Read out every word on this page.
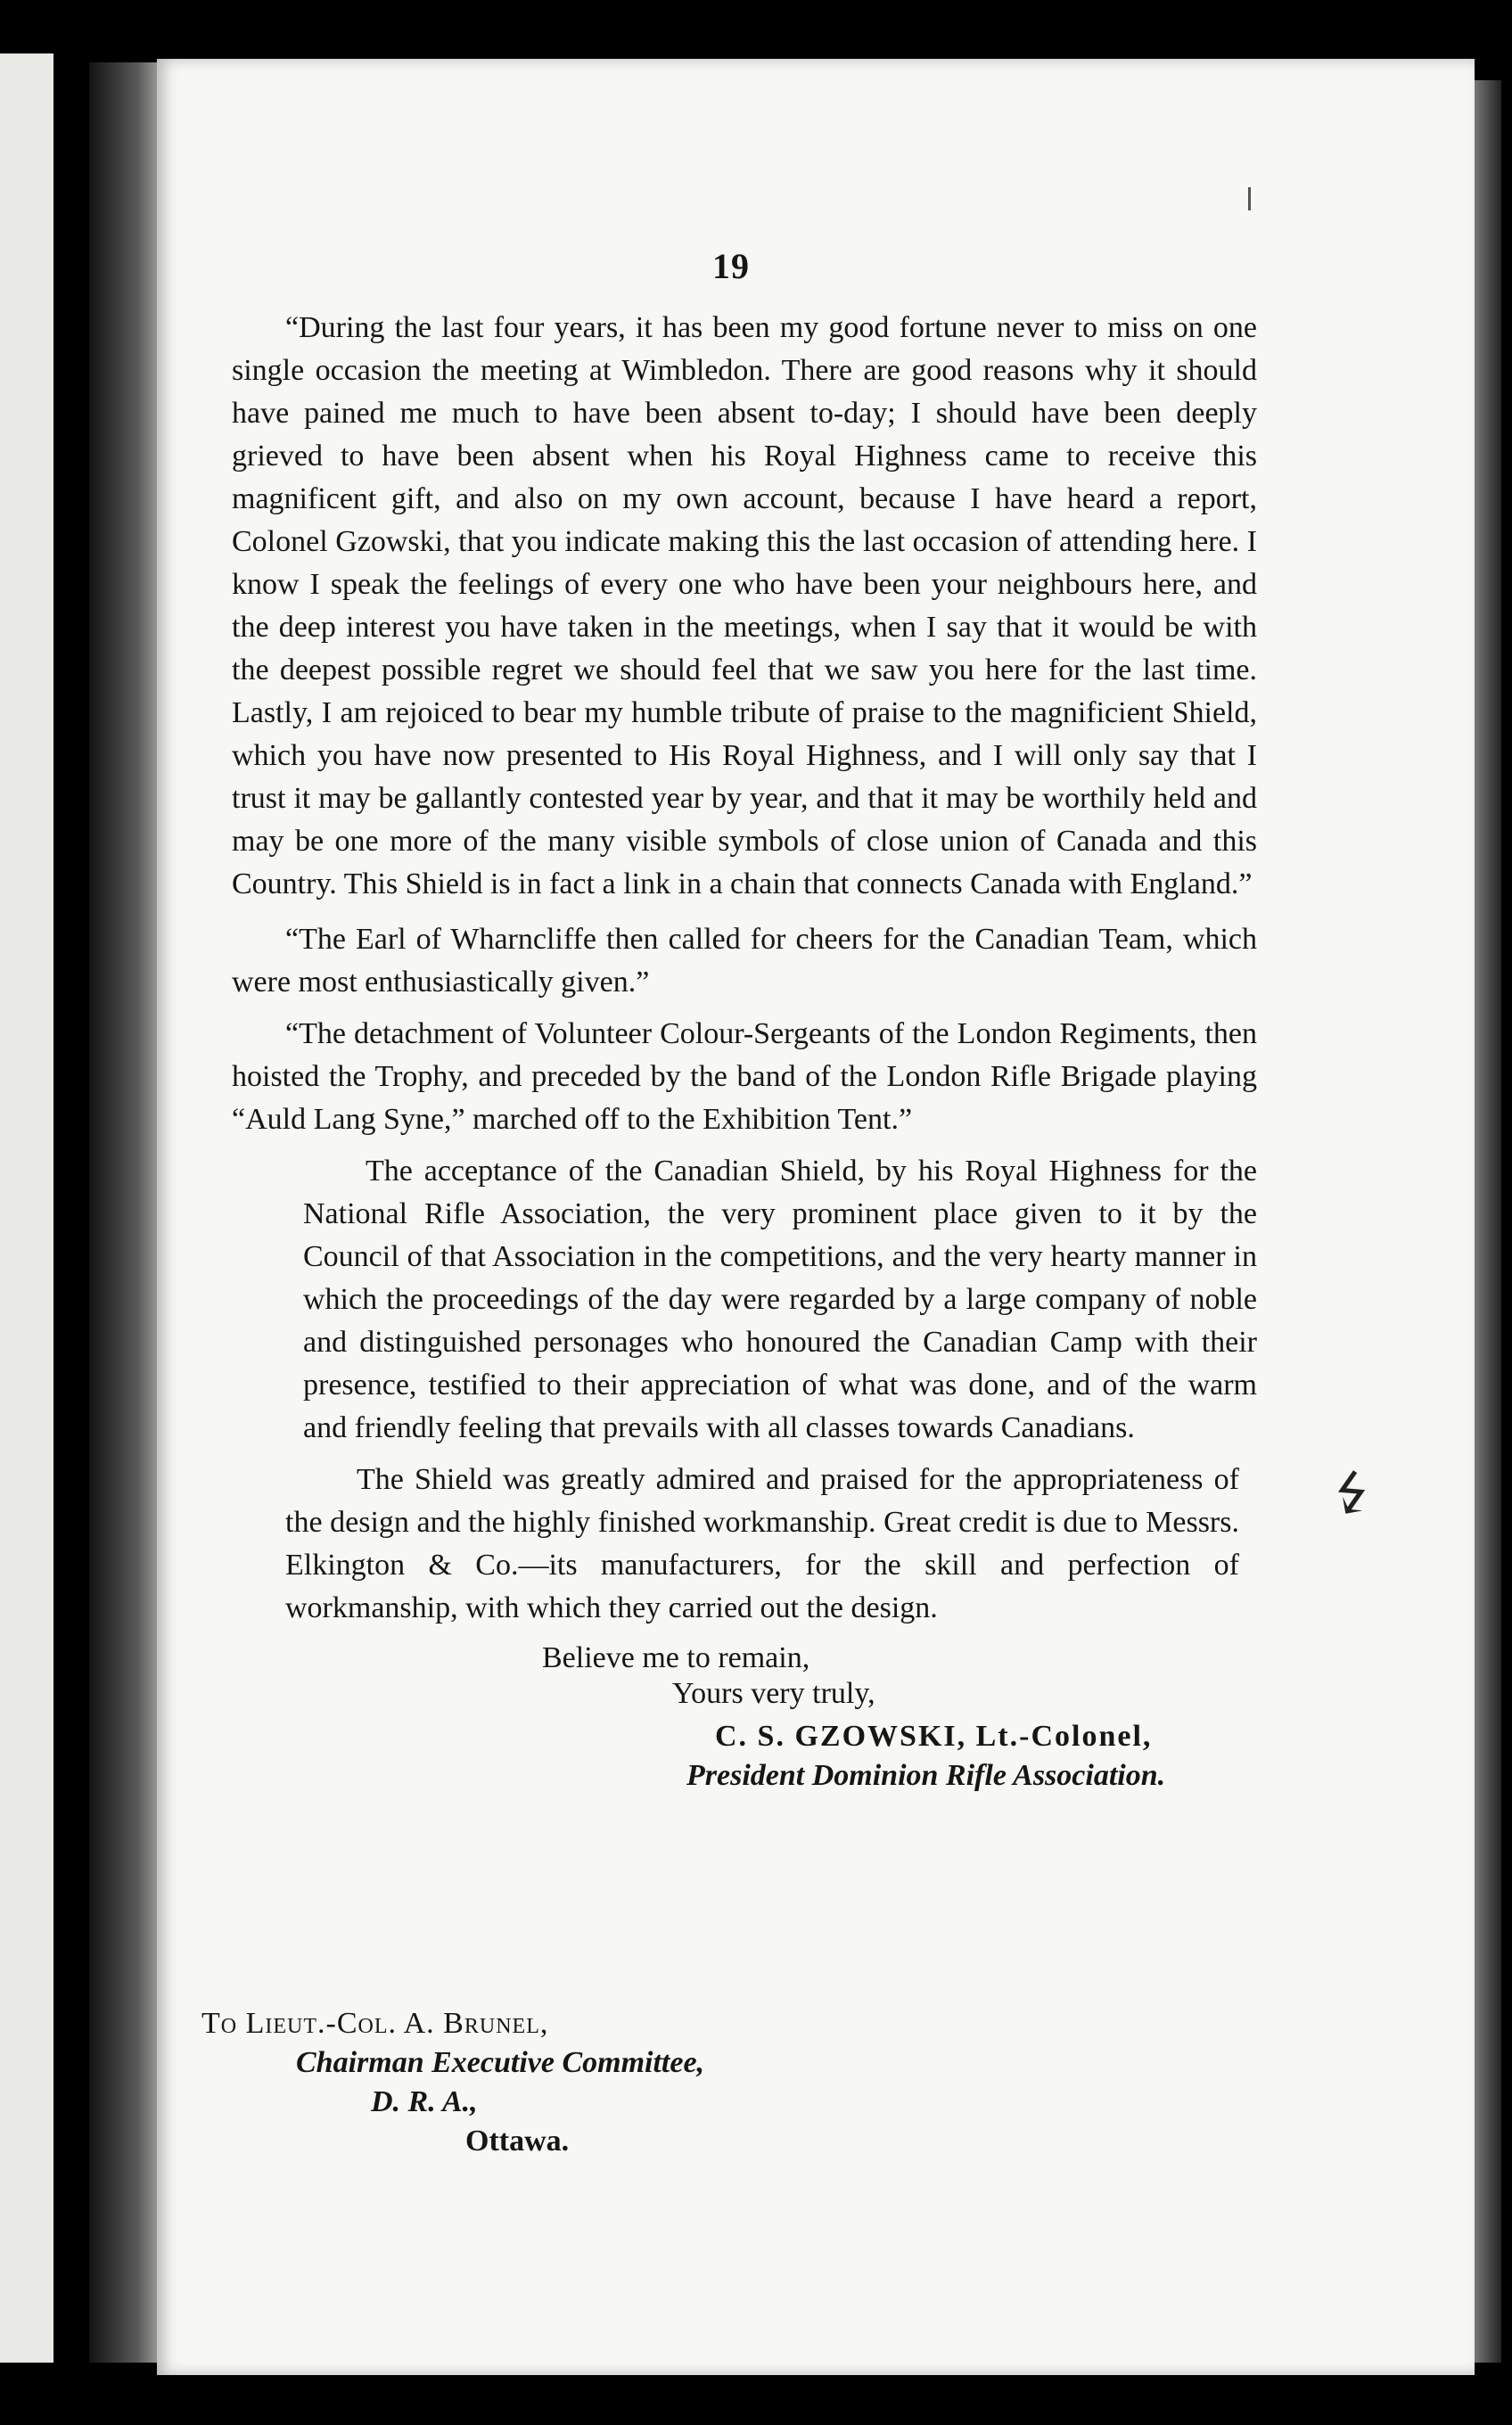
19

“During the last four years, it has been my good fortune never to miss on one single occasion the meeting at Wimbledon. There are good reasons why it should have pained me much to have been absent to-day; I should have been deeply grieved to have been absent when his Royal Highness came to receive this magnificent gift, and also on my own account, because I have heard a report, Colonel Gzowski, that you indicate making this the last occasion of attending here. I know I speak the feelings of every one who have been your neighbours here, and the deep interest you have taken in the meetings, when I say that it would be with the deepest possible regret we should feel that we saw you here for the last time. Lastly, I am rejoiced to bear my humble tribute of praise to the magnificient Shield, which you have now presented to His Royal Highness, and I will only say that I trust it may be gallantly contested year by year, and that it may be worthily held and may be one more of the many visible symbols of close union of Canada and this Country. This Shield is in fact a link in a chain that connects Canada with England.”

“The Earl of Wharncliffe then called for cheers for the Canadian Team, which were most enthusiastically given.”

“The detachment of Volunteer Colour-Sergeants of the London Regiments, then hoisted the Trophy, and preceded by the band of the London Rifle Brigade playing “Auld Lang Syne,” marched off to the Exhibition Tent.”

The acceptance of the Canadian Shield, by his Royal Highness for the National Rifle Association, the very prominent place given to it by the Council of that Association in the competitions, and the very hearty manner in which the proceedings of the day were regarded by a large company of noble and distinguished personages who honoured the Canadian Camp with their presence, testified to their appreciation of what was done, and of the warm and friendly feeling that prevails with all classes towards Canadians.

The Shield was greatly admired and praised for the appropriateness of the design and the highly finished workmanship. Great credit is due to Messrs. Elkington & Co.—its manufacturers, for the skill and perfection of workmanship, with which they carried out the design.

Believe me to remain,
Yours very truly,
C. S. GZOWSKI, Lt.-Colonel,
President Dominion Rifle Association.
To Lieut.-Col. A. Brunel,
Chairman Executive Committee,
D. R. A.,
Ottawa.
↯
